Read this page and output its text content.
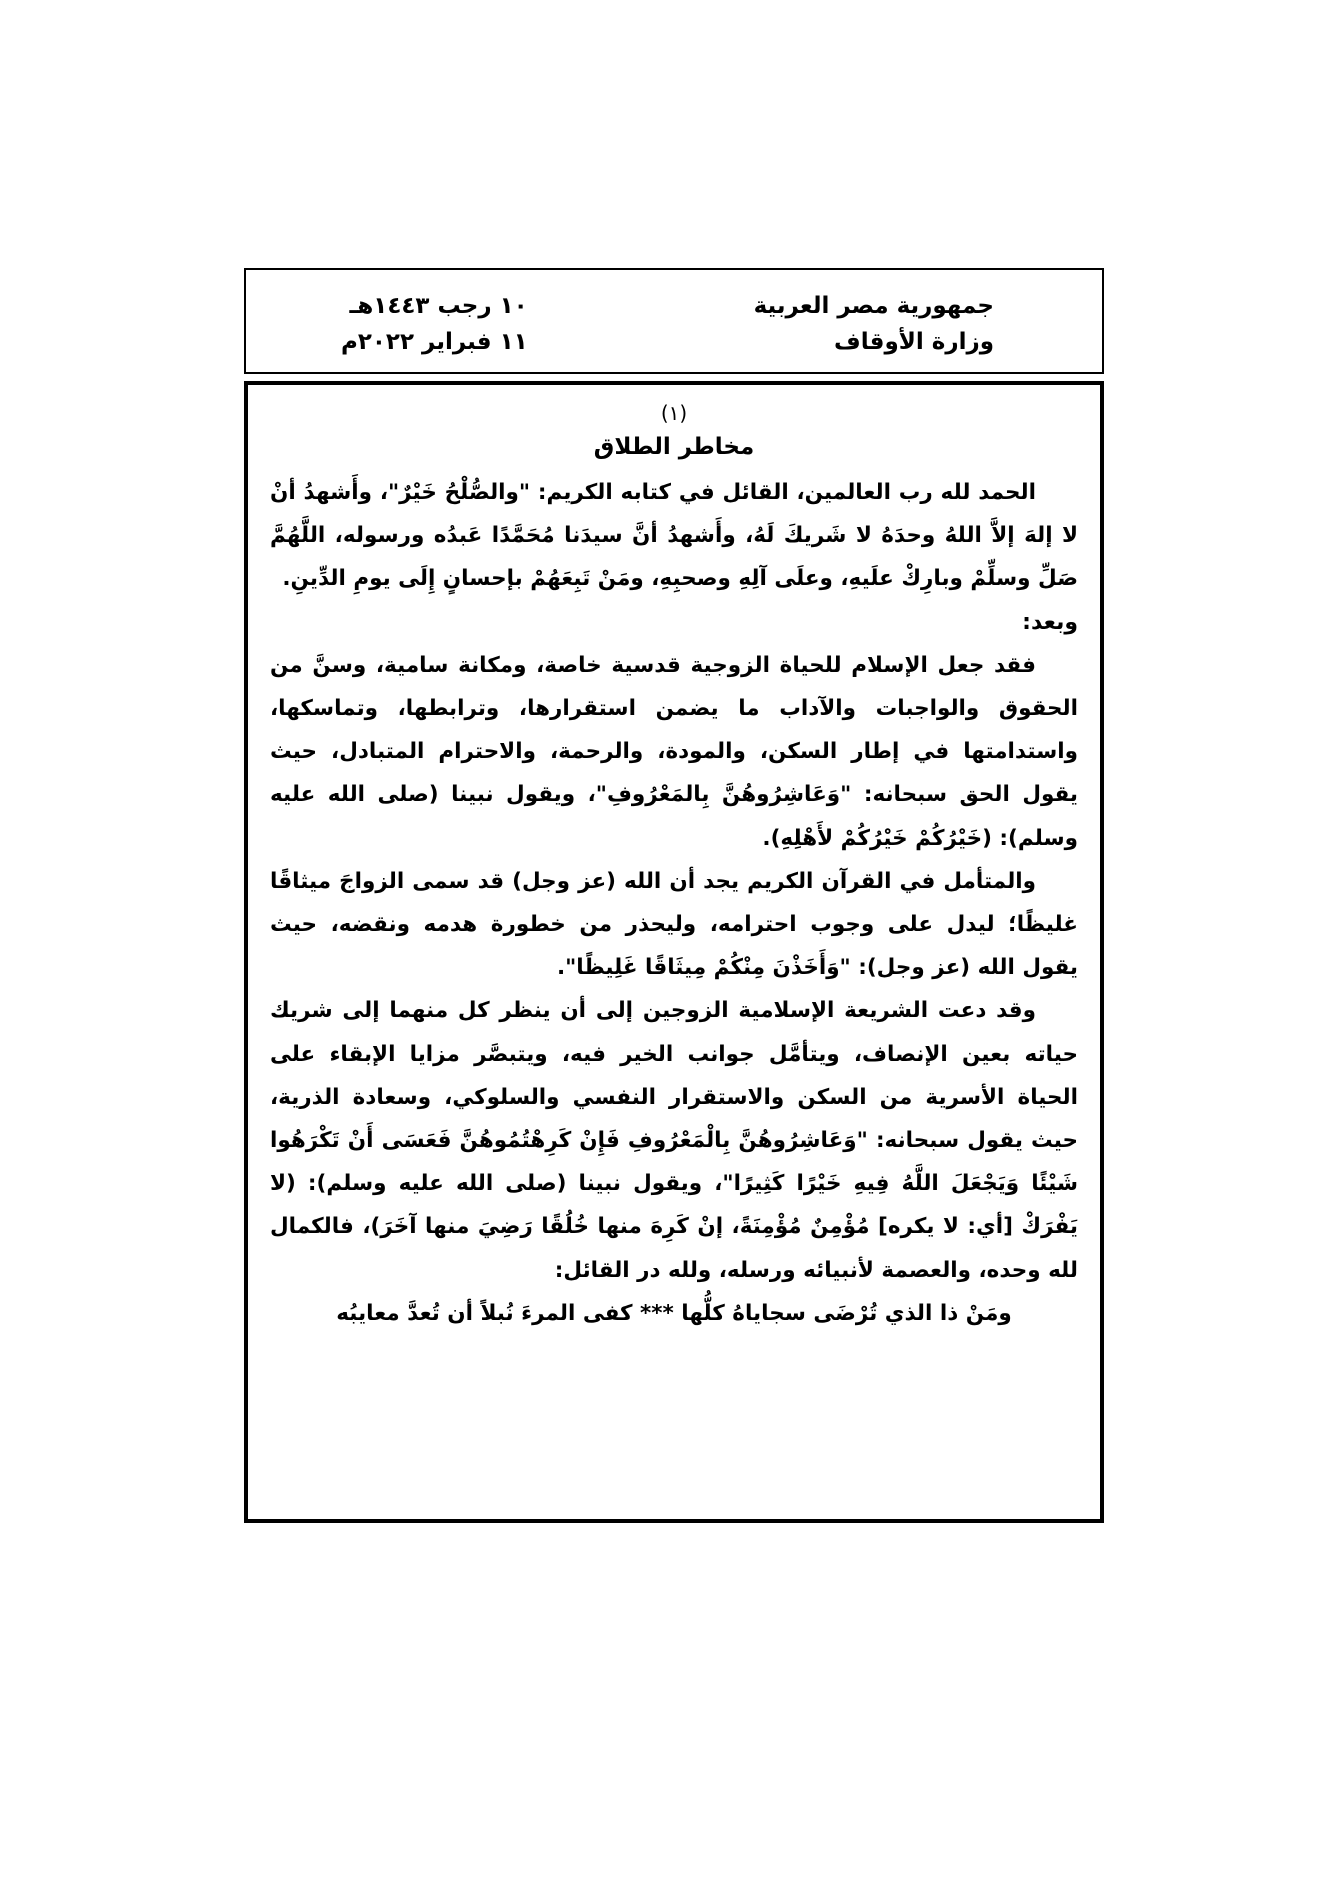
جمهورية مصر العربية
وزارة الأوقاف
١٠ رجب ١٤٤٣هـ
١١ فبراير ٢٠٢٢م
(١)
مخاطر الطلاق

الحمد لله رب العالمين، القائل في كتابه الكريم: "والصُّلْحُ خَيْرٌ"، وأَشهدُ أنْ لا إلهَ إلاَّ اللهُ وحدَهُ لا شَريكَ لَهُ، وأَشهدُ أنَّ سيدَنا مُحَمَّدًا عَبدُه ورسوله، اللَّهُمَّ صَلِّ وسلِّمْ وبارِكْ علَيهِ، وعلَى آلِهِ وصحبِهِ، ومَنْ تَبِعَهُمْ بإحسانٍ إِلَى يومِ الدِّينِ.

وبعد:

فقد جعل الإسلام للحياة الزوجية قدسية خاصة، ومكانة سامية، وسنَّ من الحقوق والواجبات والآداب ما يضمن استقرارها، وترابطها، وتماسكها، واستدامتها في إطار السكن، والمودة، والرحمة، والاحترام المتبادل، حيث يقول الحق سبحانه: "وَعَاشِرُوهُنَّ بِالمَعْرُوفِ"، ويقول نبينا (صلى الله عليه وسلم): (خَيْرُكُمْ خَيْرُكُمْ لأَهْلِهِ).

والمتأمل في القرآن الكريم يجد أن الله (عز وجل) قد سمى الزواجَ ميثاقًا غليظًا؛ ليدل على وجوب احترامه، وليحذر من خطورة هدمه ونقضه، حيث يقول الله (عز وجل): "وَأَخَذْنَ مِنْكُمْ مِيثَاقًا غَلِيظًا".

وقد دعت الشريعة الإسلامية الزوجين إلى أن ينظر كل منهما إلى شريك حياته بعين الإنصاف، ويتأمَّل جوانب الخير فيه، ويتبصَّر مزايا الإبقاء على الحياة الأسرية من السكن والاستقرار النفسي والسلوكي، وسعادة الذرية، حيث يقول سبحانه: "وَعَاشِرُوهُنَّ بِالْمَعْرُوفِ فَإِنْ كَرِهْتُمُوهُنَّ فَعَسَى أَنْ تَكْرَهُوا شَيْئًا وَيَجْعَلَ اللَّهُ فِيهِ خَيْرًا كَثِيرًا"، ويقول نبينا (صلى الله عليه وسلم): (لا يَفْرَكْ [أي: لا يكره] مُؤْمِنٌ مُؤْمِنَةً، إنْ كَرِهَ منها خُلُقًا رَضِيَ منها آخَرَ)، فالكمال لله وحده، والعصمة لأنبيائه ورسله، ولله در القائل:

ومَنْ ذا الذي تُرْضَى سجاياهُ كلُّها *** كفى المرءَ نُبلاً أن تُعدَّ معايبُه
